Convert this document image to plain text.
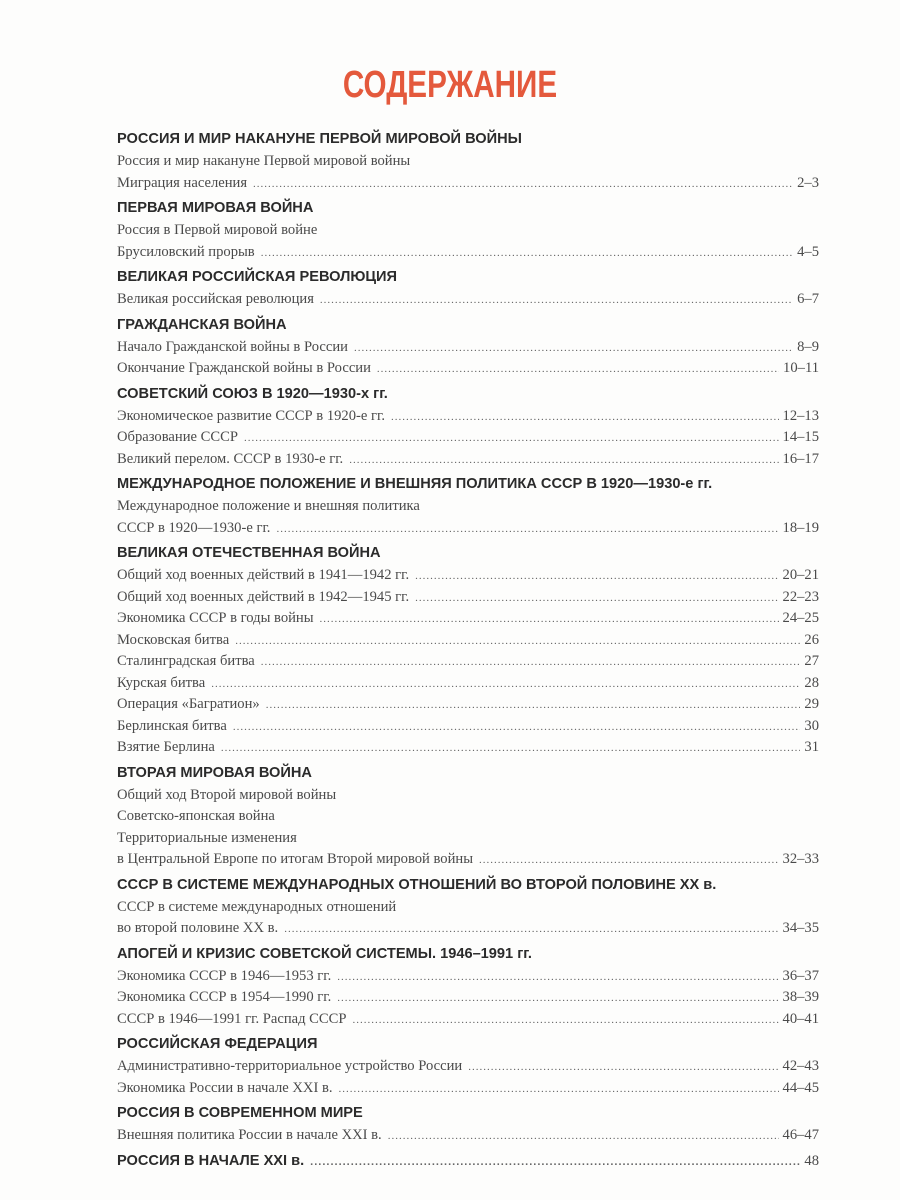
СОДЕРЖАНИЕ
РОССИЯ И МИР НАКАНУНЕ ПЕРВОЙ МИРОВОЙ ВОЙНЫ
Россия и мир накануне Первой мировой войны
Миграция населения .....	2–3
ПЕРВАЯ МИРОВАЯ ВОЙНА
Россия в Первой мировой войне
Брусиловский прорыв .....	4–5
ВЕЛИКАЯ РОССИЙСКАЯ РЕВОЛЮЦИЯ
Великая российская революция .....	6–7
ГРАЖДАНСКАЯ ВОЙНА
Начало Гражданской войны в России .....	8–9
Окончание Гражданской войны в России .....	10–11
СОВЕТСКИЙ СОЮЗ В 1920—1930-х гг.
Экономическое развитие СССР в 1920-е гг. .....	12–13
Образование СССР .....	14–15
Великий перелом. СССР в 1930-е гг. .....	16–17
МЕЖДУНАРОДНОЕ ПОЛОЖЕНИЕ И ВНЕШНЯЯ ПОЛИТИКА СССР В 1920—1930-е гг.
Международное положение и внешняя политика
СССР в 1920—1930-е гг. .....	18–19
ВЕЛИКАЯ ОТЕЧЕСТВЕННАЯ ВОЙНА
Общий ход военных действий в 1941—1942 гг. .....	20–21
Общий ход военных действий в 1942—1945 гг. .....	22–23
Экономика СССР в годы войны .....	24–25
Московская битва .....	26
Сталинградская битва .....	27
Курская битва .....	28
Операция «Багратион» .....	29
Берлинская битва .....	30
Взятие Берлина .....	31
ВТОРАЯ МИРОВАЯ ВОЙНА
Общий ход Второй мировой войны
Советско-японская война
Территориальные изменения
в Центральной Европе по итогам Второй мировой войны .....	32–33
СССР В СИСТЕМЕ МЕЖДУНАРОДНЫХ ОТНОШЕНИЙ ВО ВТОРОЙ ПОЛОВИНЕ XX в.
СССР в системе международных отношений
во второй половине XX в. .....	34–35
АПОГЕЙ И КРИЗИС СОВЕТСКОЙ СИСТЕМЫ. 1946–1991 гг.
Экономика СССР в 1946—1953 гг. .....	36–37
Экономика СССР в 1954—1990 гг. .....	38–39
СССР в 1946—1991 гг. Распад СССР .....	40–41
РОССИЙСКАЯ ФЕДЕРАЦИЯ
Административно-территориальное устройство России .....	42–43
Экономика России в начале XXI в. .....	44–45
РОССИЯ В СОВРЕМЕННОМ МИРЕ
Внешняя политика России в начале XXI в. .....	46–47
РОССИЯ В НАЧАЛЕ XXI в. .....	48
